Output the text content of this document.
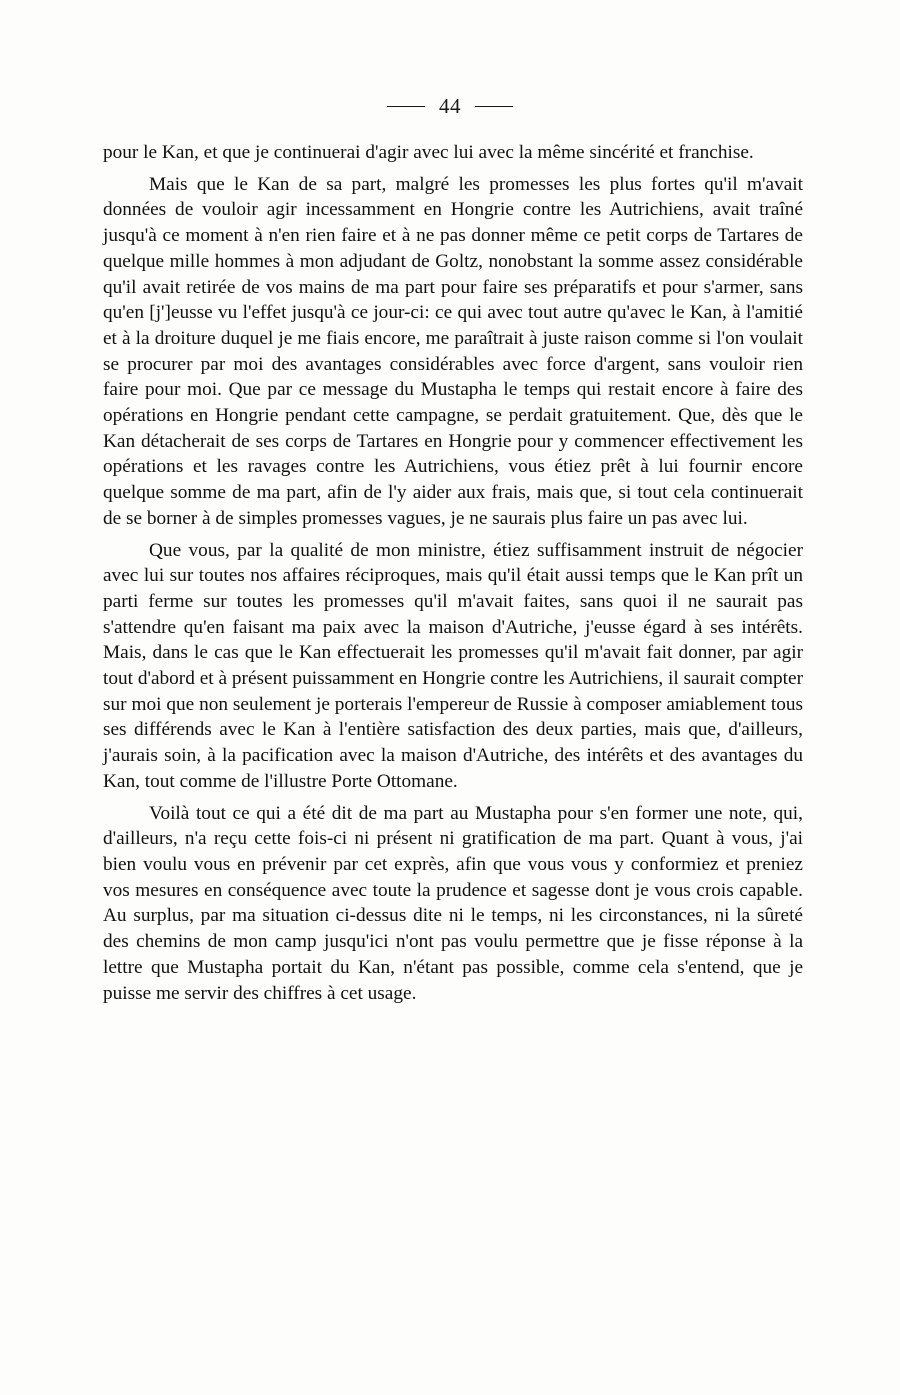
44

pour le Kan, et que je continuerai d'agir avec lui avec la même sincérité et franchise.

Mais que le Kan de sa part, malgré les promesses les plus fortes qu'il m'avait données de vouloir agir incessamment en Hongrie contre les Autrichiens, avait traîné jusqu'à ce moment à n'en rien faire et à ne pas donner même ce petit corps de Tartares de quelque mille hommes à mon adjudant de Goltz, nonobstant la somme assez considérable qu'il avait retirée de vos mains de ma part pour faire ses préparatifs et pour s'armer, sans qu'en [j']eusse vu l'effet jusqu'à ce jour-ci: ce qui avec tout autre qu'avec le Kan, à l'amitié et à la droiture duquel je me fiais encore, me paraîtrait à juste raison comme si l'on voulait se procurer par moi des avantages considérables avec force d'argent, sans vouloir rien faire pour moi. Que par ce message du Mustapha le temps qui restait encore à faire des opérations en Hongrie pendant cette campagne, se perdait gratuitement. Que, dès que le Kan détacherait de ses corps de Tartares en Hongrie pour y commencer effectivement les opérations et les ravages contre les Autrichiens, vous étiez prêt à lui fournir encore quelque somme de ma part, afin de l'y aider aux frais, mais que, si tout cela continuerait de se borner à de simples promesses vagues, je ne saurais plus faire un pas avec lui.

Que vous, par la qualité de mon ministre, étiez suffisamment instruit de négocier avec lui sur toutes nos affaires réciproques, mais qu'il était aussi temps que le Kan prît un parti ferme sur toutes les promesses qu'il m'avait faites, sans quoi il ne saurait pas s'attendre qu'en faisant ma paix avec la maison d'Autriche, j'eusse égard à ses intérêts. Mais, dans le cas que le Kan effectuerait les promesses qu'il m'avait fait donner, par agir tout d'abord et à présent puissamment en Hongrie contre les Autrichiens, il saurait compter sur moi que non seulement je porterais l'empereur de Russie à composer amiablement tous ses différends avec le Kan à l'entière satisfaction des deux parties, mais que, d'ailleurs, j'aurais soin, à la pacification avec la maison d'Autriche, des intérêts et des avantages du Kan, tout comme de l'illustre Porte Ottomane.

Voilà tout ce qui a été dit de ma part au Mustapha pour s'en former une note, qui, d'ailleurs, n'a reçu cette fois-ci ni présent ni gratification de ma part. Quant à vous, j'ai bien voulu vous en prévenir par cet exprès, afin que vous vous y conformiez et preniez vos mesures en conséquence avec toute la prudence et sagesse dont je vous crois capable. Au surplus, par ma situation ci-dessus dite ni le temps, ni les circonstances, ni la sûreté des chemins de mon camp jusqu'ici n'ont pas voulu permettre que je fisse réponse à la lettre que Mustapha portait du Kan, n'étant pas possible, comme cela s'entend, que je puisse me servir des chiffres à cet usage.
